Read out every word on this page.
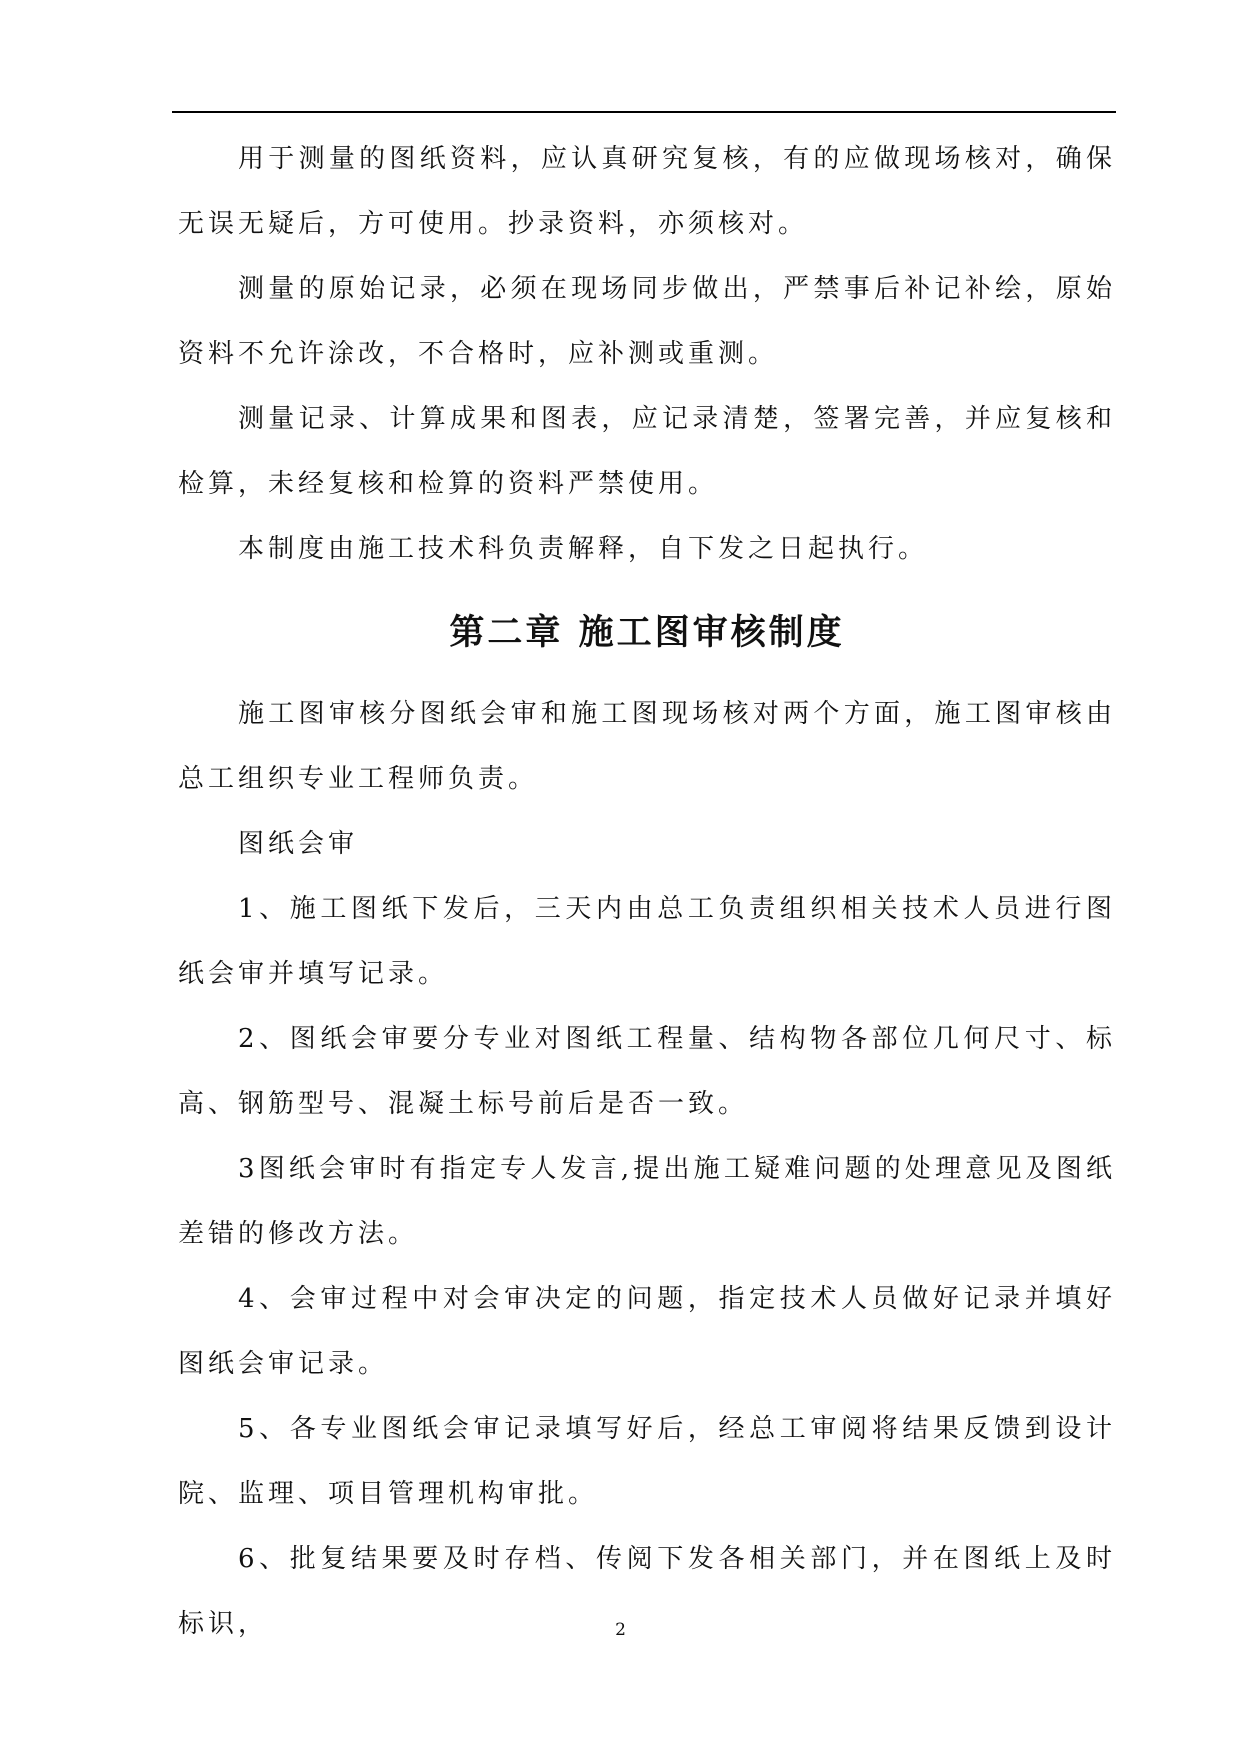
用于测量的图纸资料，应认真研究复核，有的应做现场核对，确保无误无疑后，方可使用。抄录资料，亦须核对。

测量的原始记录，必须在现场同步做出，严禁事后补记补绘，原始资料不允许涂改，不合格时，应补测或重测。

测量记录、计算成果和图表，应记录清楚，签署完善，并应复核和检算，未经复核和检算的资料严禁使用。

本制度由施工技术科负责解释，自下发之日起执行。

第二章 施工图审核制度

施工图审核分图纸会审和施工图现场核对两个方面，施工图审核由总工组织专业工程师负责。

图纸会审

1、施工图纸下发后，三天内由总工负责组织相关技术人员进行图纸会审并填写记录。

2、图纸会审要分专业对图纸工程量、结构物各部位几何尺寸、标高、钢筋型号、混凝土标号前后是否一致。

3图纸会审时有指定专人发言,提出施工疑难问题的处理意见及图纸差错的修改方法。

4、会审过程中对会审决定的问题，指定技术人员做好记录并填好图纸会审记录。

5、各专业图纸会审记录填写好后，经总工审阅将结果反馈到设计院、监理、项目管理机构审批。

6、批复结果要及时存档、传阅下发各相关部门，并在图纸上及时标识，	2
